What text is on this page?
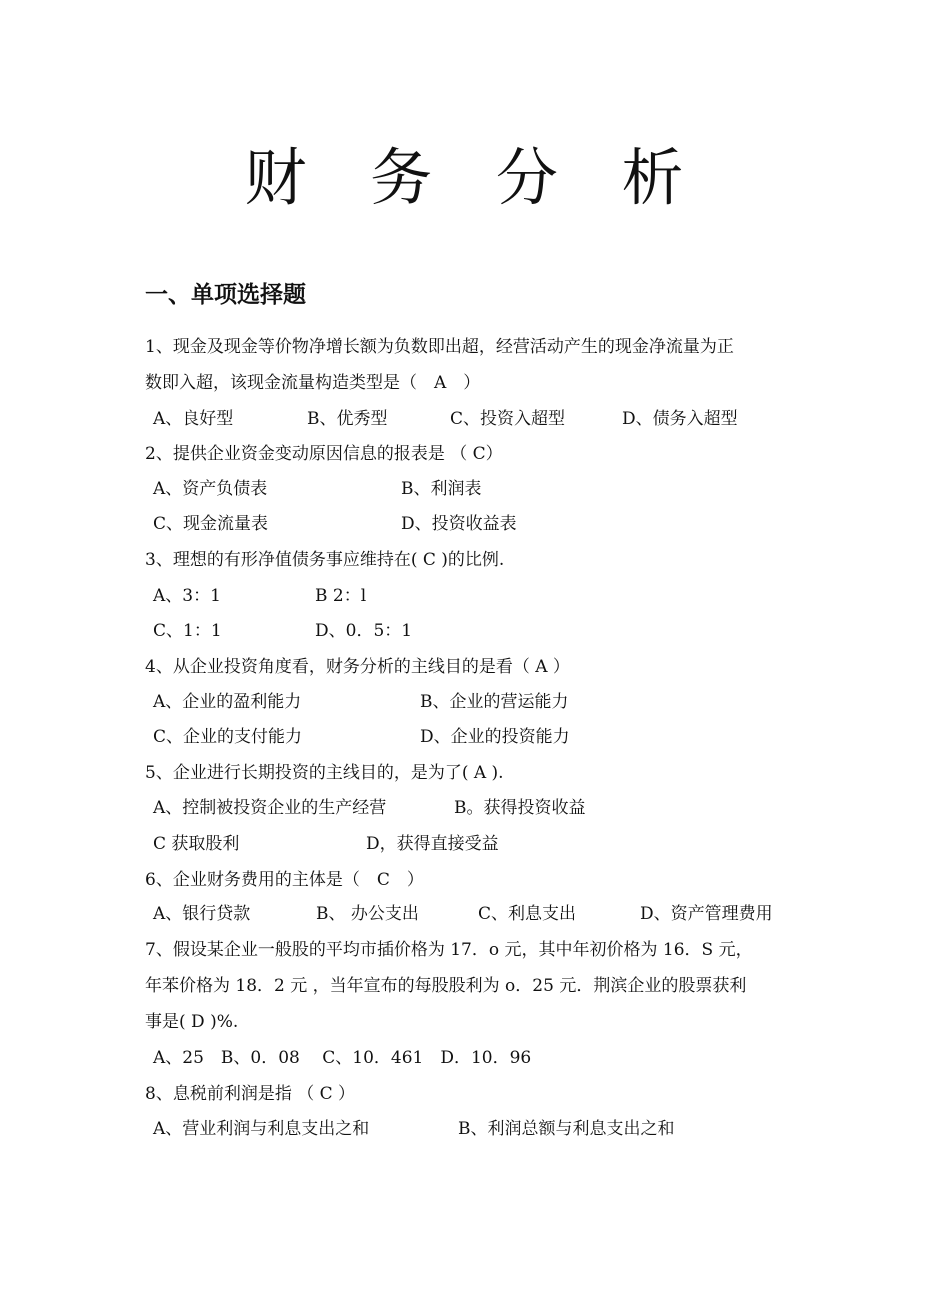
财 务 分 析
一、单项选择题
1、现金及现金等价物净增长额为负数即出超，经营活动产生的现金净流量为正
数即入超，该现金流量构造类型是（　A　）
A、良好型	B、优秀型	C、投资入超型	D、债务入超型
2、提供企业资金变动原因信息的报表是 （ C）
A、资产负债表	B、利润表
C、现金流量表	D、投资收益表
3、理想的有形净值债务事应维持在( C )的比例.
A、3：1	B 2：l
C、1：1	D、0．5：1
4、从企业投资角度看，财务分析的主线目的是看（ A ）
A、企业的盈利能力	B、企业的营运能力
C、企业的支付能力	D、企业的投资能力
5、企业进行长期投资的主线目的，是为了( A ).
A、控制被投资企业的生产经营	B。获得投资收益
C 获取股利	D，获得直接受益
6、企业财务费用的主体是（　C　）
A、银行贷款	B、 办公支出	C、利息支出	D、资产管理费用
7、假设某企业一般股的平均市插价格为 17．o 元，其中年初价格为 16．S 元，
年苯价格为 18．2 元 ，当年宣布的每股股利为 o．25 元．荆滨企业的股票获利
事是( D )%.
A、25　B、0．08　 C、10．461　D．10．96
8、息税前利润是指 （ C ）
A、营业利润与利息支出之和	B、利润总额与利息支出之和
